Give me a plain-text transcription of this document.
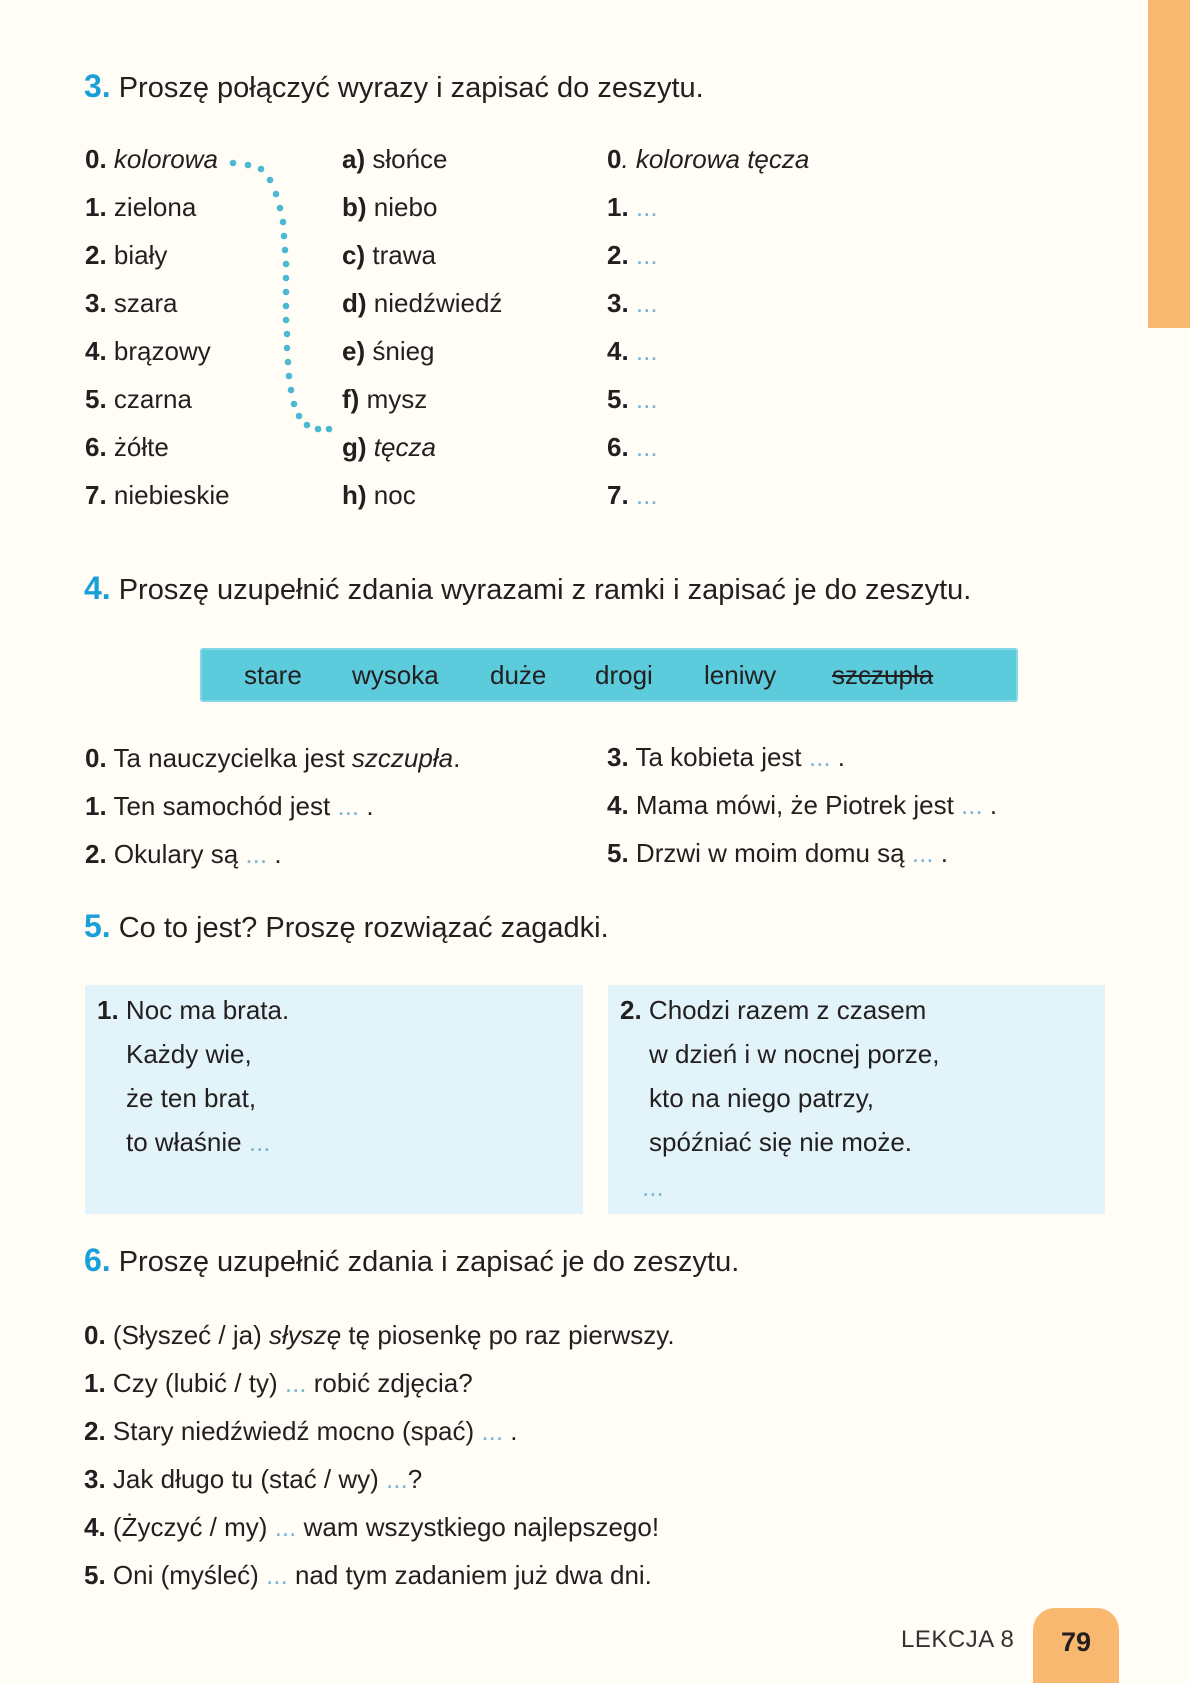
3. Proszę połączyć wyrazy i zapisać do zeszytu.
0. kolorowa
1. zielona
2. biały
3. szara
4. brązowy
5. czarna
6. żółte
7. niebieskie
a) słońce
b) niebo
c) trawa
d) niedźwiedź
e) śnieg
f) mysz
g) tęcza
h) noc
0. kolorowa tęcza
1. ...
2. ...
3. ...
4. ...
5. ...
6. ...
7. ...
4. Proszę uzupełnić zdania wyrazami z ramki i zapisać je do zeszytu.
stare wysoka duże drogi leniwy szczupła
0. Ta nauczycielka jest szczupła.
1. Ten samochód jest ... .
2. Okulary są ... .
3. Ta kobieta jest ... .
4. Mama mówi, że Piotrek jest ... .
5. Drzwi w moim domu są ... .
5. Co to jest? Proszę rozwiązać zagadki.
1. Noc ma brata.
Każdy wie,
że ten brat,
to właśnie ...
2. Chodzi razem z czasem
w dzień i w nocnej porze,
kto na niego patrzy,
spóźniać się nie może.
...
6. Proszę uzupełnić zdania i zapisać je do zeszytu.
0. (Słyszeć / ja) słyszę tę piosenkę po raz pierwszy.
1. Czy (lubić / ty) ... robić zdjęcia?
2. Stary niedźwiedź mocno (spać) ... .
3. Jak długo tu (stać / wy) ...?
4. (Życzyć / my) ... wam wszystkiego najlepszego!
5. Oni (myśleć) ... nad tym zadaniem już dwa dni.
LEKCJA 8	79
